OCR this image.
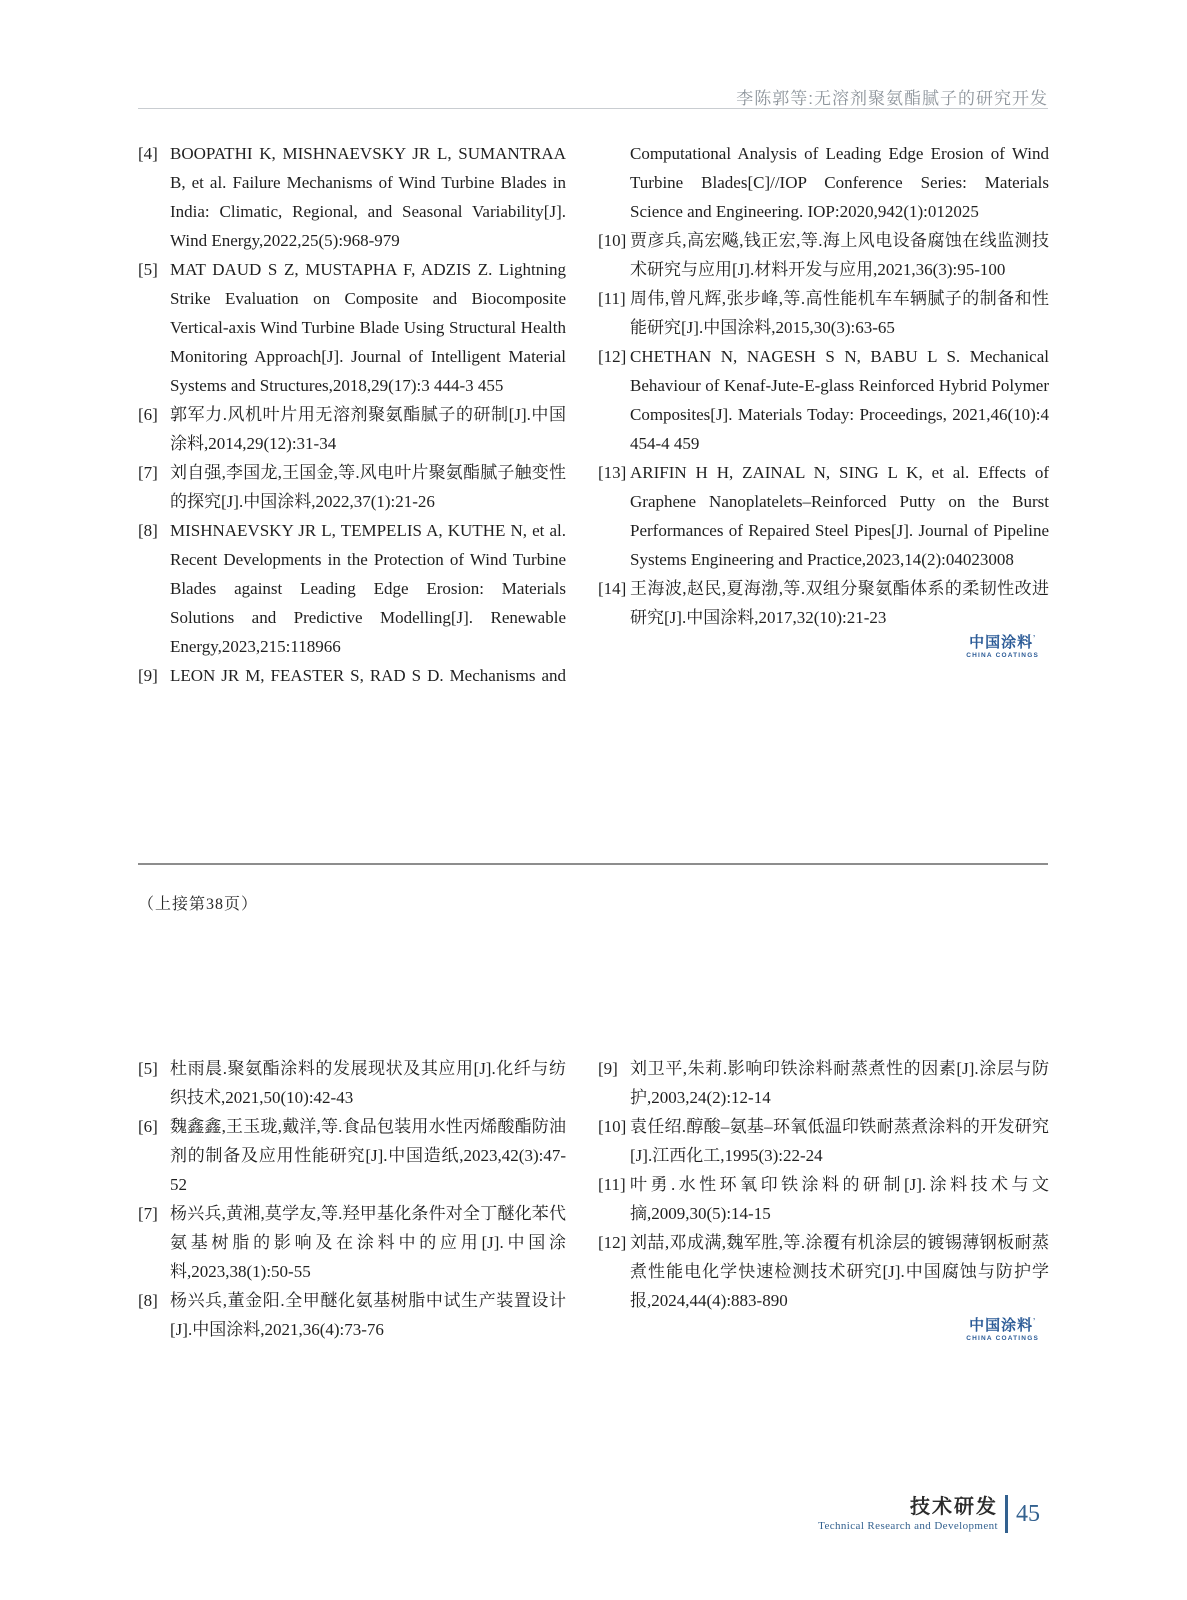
李陈郭等:无溶剂聚氨酯腻子的研究开发
[4] BOOPATHI K, MISHNAEVSKY JR L, SUMANTRAA B, et al. Failure Mechanisms of Wind Turbine Blades in India: Climatic, Regional, and Seasonal Variability[J]. Wind Energy,2022,25(5):968-979
[5] MAT DAUD S Z, MUSTAPHA F, ADZIS Z. Lightning Strike Evaluation on Composite and Biocomposite Vertical-axis Wind Turbine Blade Using Structural Health Monitoring Approach[J]. Journal of Intelligent Material Systems and Structures,2018,29(17):3 444-3 455
[6] 郭军力.风机叶片用无溶剂聚氨酯腻子的研制[J].中国涂料,2014,29(12):31-34
[7] 刘自强,李国龙,王国金,等.风电叶片聚氨酯腻子触变性的探究[J].中国涂料,2022,37(1):21-26
[8] MISHNAEVSKY JR L, TEMPELIS A, KUTHE N, et al. Recent Developments in the Protection of Wind Turbine Blades against Leading Edge Erosion: Materials Solutions and Predictive Modelling[J]. Renewable Energy,2023,215:118966
[9] LEON JR M, FEASTER S, RAD S D. Mechanisms and
Computational Analysis of Leading Edge Erosion of Wind Turbine Blades[C]//IOP Conference Series: Materials Science and Engineering. IOP:2020,942(1):012025
[10] 贾彦兵,高宏飚,钱正宏,等.海上风电设备腐蚀在线监测技术研究与应用[J].材料开发与应用,2021,36(3):95-100
[11] 周伟,曾凡辉,张步峰,等.高性能机车车辆腻子的制备和性能研究[J].中国涂料,2015,30(3):63-65
[12] CHETHAN N, NAGESH S N, BABU L S. Mechanical Behaviour of Kenaf-Jute-E-glass Reinforced Hybrid Polymer Composites[J]. Materials Today: Proceedings, 2021,46(10):4 454-4 459
[13] ARIFIN H H, ZAINAL N, SING L K, et al. Effects of Graphene Nanoplatelets–Reinforced Putty on the Burst Performances of Repaired Steel Pipes[J]. Journal of Pipeline Systems Engineering and Practice,2023,14(2):04023008
[14] 王海波,赵民,夏海渤,等.双组分聚氨酯体系的柔韧性改进研究[J].中国涂料,2017,32(10):21-23
中国涂料’
CHINA COATINGS
（上接第38页）
[5] 杜雨晨.聚氨酯涂料的发展现状及其应用[J].化纤与纺织技术,2021,50(10):42-43
[6] 魏鑫鑫,王玉珑,戴洋,等.食品包装用水性丙烯酸酯防油剂的制备及应用性能研究[J].中国造纸,2023,42(3):47-52
[7] 杨兴兵,黄湘,莫学友,等.羟甲基化条件对全丁醚化苯代氨基树脂的影响及在涂料中的应用[J].中国涂料,2023,38(1):50-55
[8] 杨兴兵,董金阳.全甲醚化氨基树脂中试生产装置设计[J].中国涂料,2021,36(4):73-76
[9] 刘卫平,朱莉.影响印铁涂料耐蒸煮性的因素[J].涂层与防护,2003,24(2):12-14
[10] 袁任绍.醇酸–氨基–环氧低温印铁耐蒸煮涂料的开发研究[J].江西化工,1995(3):22-24
[11] 叶勇.水性环氧印铁涂料的研制[J].涂料技术与文摘,2009,30(5):14-15
[12] 刘喆,邓成满,魏军胜,等.涂覆有机涂层的镀锡薄钢板耐蒸煮性能电化学快速检测技术研究[J].中国腐蚀与防护学报,2024,44(4):883-890
中国涂料’
CHINA COATINGS
技术研发
Technical Research and Development 45
